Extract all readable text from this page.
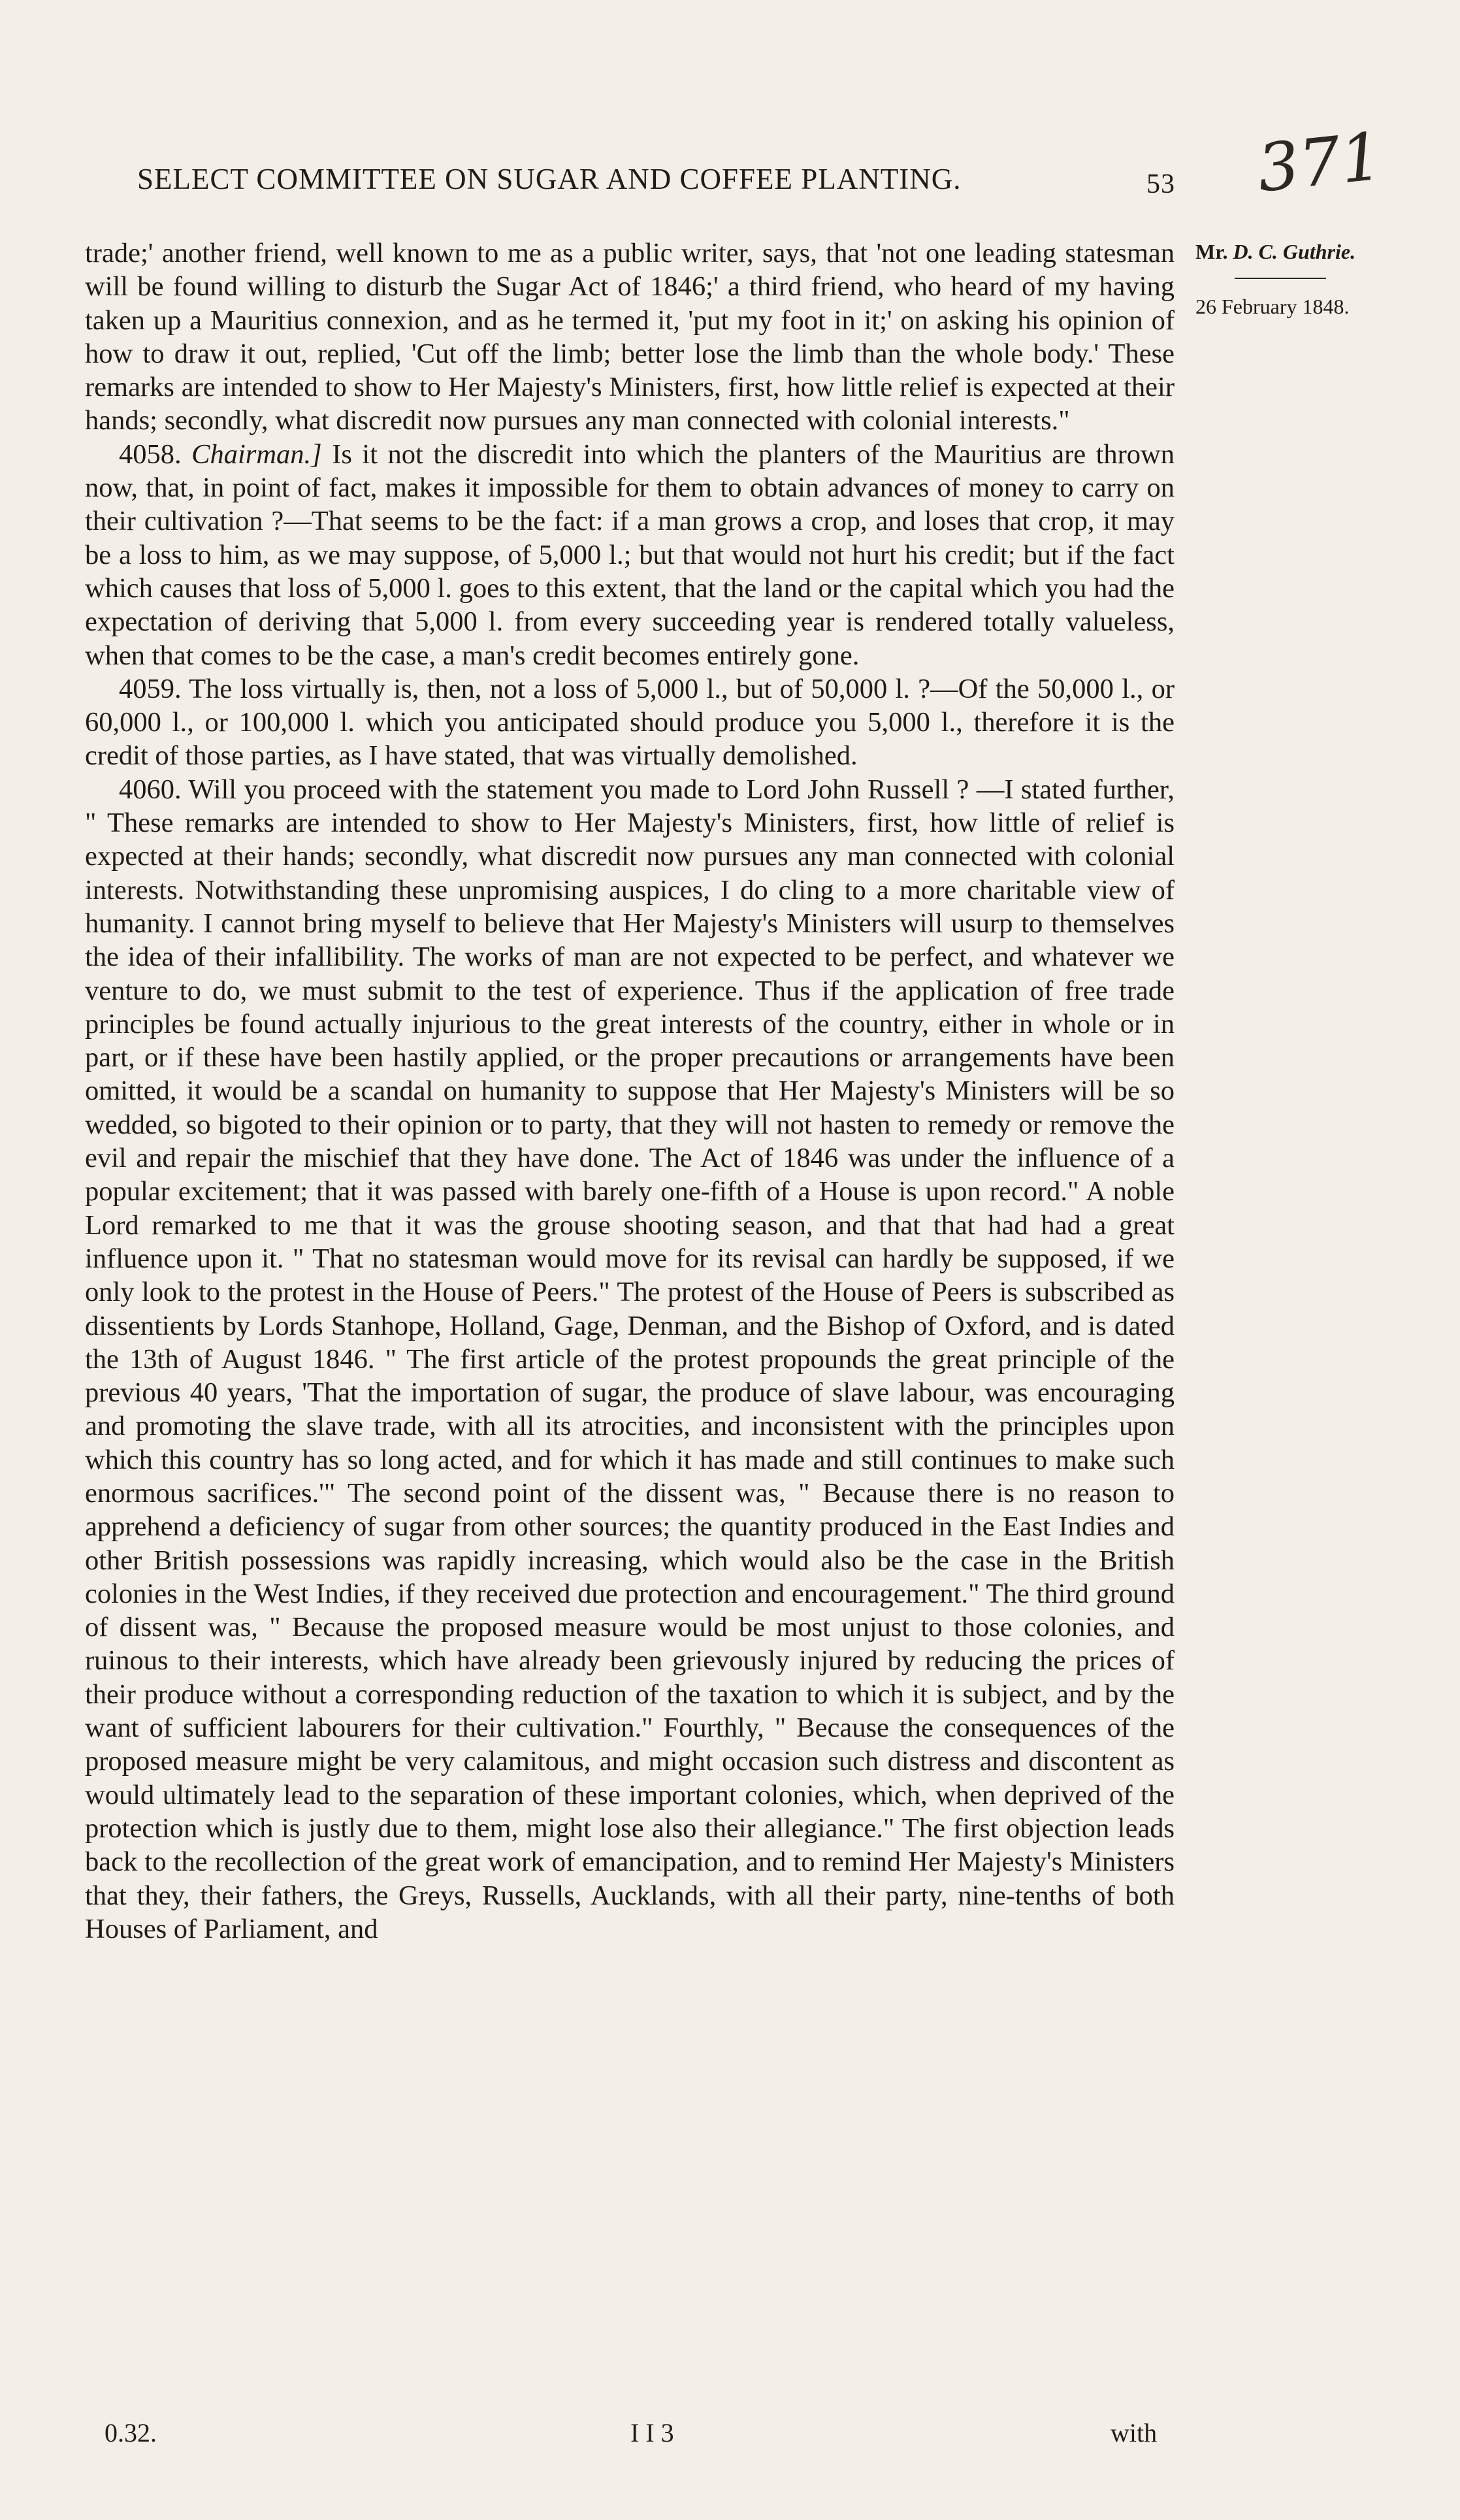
SELECT COMMITTEE ON SUGAR AND COFFEE PLANTING.	53 371
Mr. D. C. Guthrie.
26 February 1848.

trade;' another friend, well known to me as a public writer, says, that 'not one leading statesman will be found willing to disturb the Sugar Act of 1846;' a third friend, who heard of my having taken up a Mauritius connexion, and as he termed it, 'put my foot in it;' on asking his opinion of how to draw it out, replied, 'Cut off the limb; better lose the limb than the whole body.' These remarks are intended to show to Her Majesty's Ministers, first, how little relief is expected at their hands; secondly, what discredit now pursues any man connected with colonial interests."

4058. Chairman.] Is it not the discredit into which the planters of the Mauritius are thrown now, that, in point of fact, makes it impossible for them to obtain advances of money to carry on their cultivation ?—That seems to be the fact: if a man grows a crop, and loses that crop, it may be a loss to him, as we may suppose, of 5,000 l.; but that would not hurt his credit; but if the fact which causes that loss of 5,000 l. goes to this extent, that the land or the capital which you had the expectation of deriving that 5,000 l. from every succeeding year is rendered totally valueless, when that comes to be the case, a man's credit becomes entirely gone.

4059. The loss virtually is, then, not a loss of 5,000 l., but of 50,000 l. ?—Of the 50,000 l., or 60,000 l., or 100,000 l. which you anticipated should produce you 5,000 l., therefore it is the credit of those parties, as I have stated, that was virtually demolished.

4060. Will you proceed with the statement you made to Lord John Russell ? —I stated further, " These remarks are intended to show to Her Majesty's Ministers, first, how little of relief is expected at their hands; secondly, what discredit now pursues any man connected with colonial interests. Notwithstanding these unpromising auspices, I do cling to a more charitable view of humanity. I cannot bring myself to believe that Her Majesty's Ministers will usurp to themselves the idea of their infallibility. The works of man are not expected to be perfect, and whatever we venture to do, we must submit to the test of experience. Thus if the application of free trade principles be found actually injurious to the great interests of the country, either in whole or in part, or if these have been hastily applied, or the proper precautions or arrangements have been omitted, it would be a scandal on humanity to suppose that Her Majesty's Ministers will be so wedded, so bigoted to their opinion or to party, that they will not hasten to remedy or remove the evil and repair the mischief that they have done. The Act of 1846 was under the influence of a popular excitement; that it was passed with barely one-fifth of a House is upon record." A noble Lord remarked to me that it was the grouse shooting season, and that that had had a great influence upon it. " That no statesman would move for its revisal can hardly be supposed, if we only look to the protest in the House of Peers." The protest of the House of Peers is subscribed as dissentients by Lords Stanhope, Holland, Gage, Denman, and the Bishop of Oxford, and is dated the 13th of August 1846. " The first article of the protest propounds the great principle of the previous 40 years, 'That the importation of sugar, the produce of slave labour, was encouraging and promoting the slave trade, with all its atrocities, and inconsistent with the principles upon which this country has so long acted, and for which it has made and still continues to make such enormous sacrifices.'" The second point of the dissent was, " Because there is no reason to apprehend a deficiency of sugar from other sources; the quantity produced in the East Indies and other British possessions was rapidly increasing, which would also be the case in the British colonies in the West Indies, if they received due protection and encouragement." The third ground of dissent was, " Because the proposed measure would be most unjust to those colonies, and ruinous to their interests, which have already been grievously injured by reducing the prices of their produce without a corresponding reduction of the taxation to which it is subject, and by the want of sufficient labourers for their cultivation." Fourthly, " Because the consequences of the proposed measure might be very calamitous, and might occasion such distress and discontent as would ultimately lead to the separation of these important colonies, which, when deprived of the protection which is justly due to them, might lose also their allegiance." The first objection leads back to the recollection of the great work of emancipation, and to remind Her Majesty's Ministers that they, their fathers, the Greys, Russells, Aucklands, with all their party, nine-tenths of both Houses of Parliament, and

0.32.	I I 3	with
